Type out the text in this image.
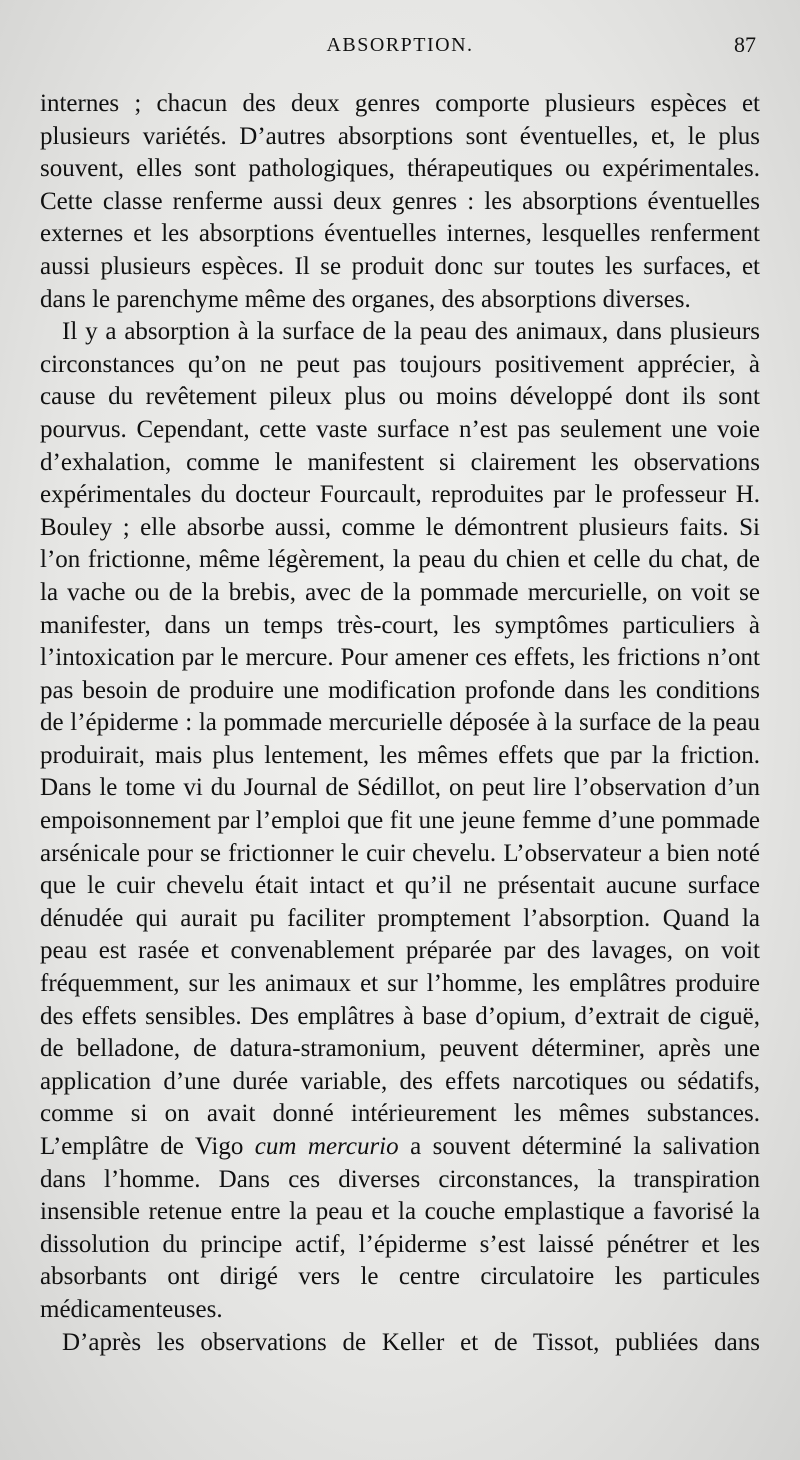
ABSORPTION.	87

internes ; chacun des deux genres comporte plusieurs espèces et plusieurs variétés. D’autres absorptions sont éventuelles, et, le plus souvent, elles sont pathologiques, thérapeutiques ou expérimentales. Cette classe renferme aussi deux genres : les absorptions éventuelles externes et les absorptions éventuelles internes, lesquelles renferment aussi plusieurs espèces. Il se produit donc sur toutes les surfaces, et dans le parenchyme même des organes, des absorptions diverses.

Il y a absorption à la surface de la peau des animaux, dans plusieurs circonstances qu’on ne peut pas toujours positivement apprécier, à cause du revêtement pileux plus ou moins développé dont ils sont pourvus. Cependant, cette vaste surface n’est pas seulement une voie d’exhalation, comme le manifestent si clairement les observations expérimentales du docteur Fourcault, reproduites par le professeur H. Bouley ; elle absorbe aussi, comme le démontrent plusieurs faits. Si l’on frictionne, même légèrement, la peau du chien et celle du chat, de la vache ou de la brebis, avec de la pommade mercurielle, on voit se manifester, dans un temps très-court, les symptômes particuliers à l’intoxication par le mercure. Pour amener ces effets, les frictions n’ont pas besoin de produire une modification profonde dans les conditions de l’épiderme : la pommade mercurielle déposée à la surface de la peau produirait, mais plus lentement, les mêmes effets que par la friction. Dans le tome vi du Journal de Sédillot, on peut lire l’observation d’un empoisonnement par l’emploi que fit une jeune femme d’une pommade arsénicale pour se frictionner le cuir chevelu. L’observateur a bien noté que le cuir chevelu était intact et qu’il ne présentait aucune surface dénudée qui aurait pu faciliter promptement l’absorption. Quand la peau est rasée et convenablement préparée par des lavages, on voit fréquemment, sur les animaux et sur l’homme, les emplâtres produire des effets sensibles. Des emplâtres à base d’opium, d’extrait de ciguë, de belladone, de datura-stramonium, peuvent déterminer, après une application d’une durée variable, des effets narcotiques ou sédatifs, comme si on avait donné intérieurement les mêmes substances. L’emplâtre de Vigo cum mercurio a souvent déterminé la salivation dans l’homme. Dans ces diverses circonstances, la transpiration insensible retenue entre la peau et la couche emplastique a favorisé la dissolution du principe actif, l’épiderme s’est laissé pénétrer et les absorbants ont dirigé vers le centre circulatoire les particules médicamenteuses.

D’après les observations de Keller et de Tissot, publiées dans
